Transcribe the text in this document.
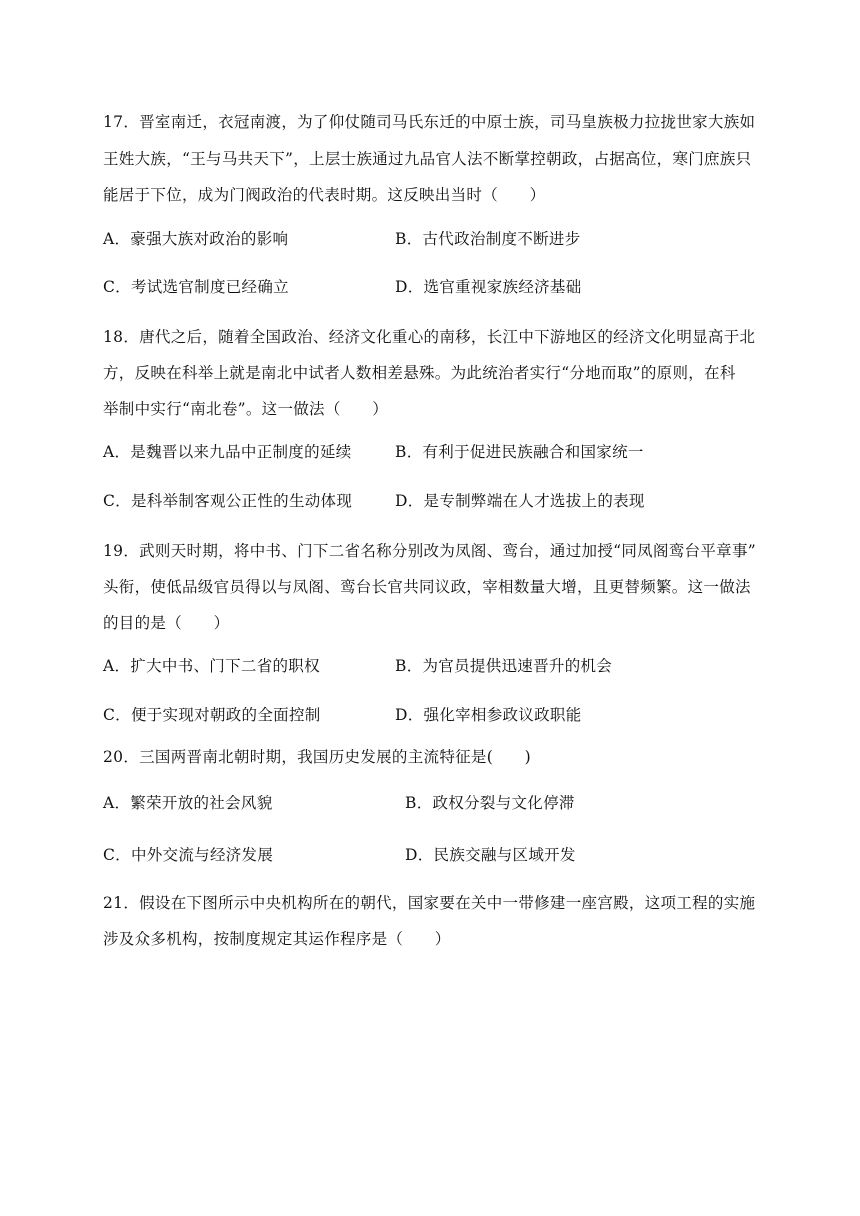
17．晋室南迁，衣冠南渡，为了仰仗随司马氏东迁的中原士族，司马皇族极力拉拢世家大族如
王姓大族，“王与马共天下”，上层士族通过九品官人法不断掌控朝政，占据高位，寒门庶族只
能居于下位，成为门阀政治的代表时期。这反映出当时（　　）
A．豪强大族对政治的影响	B．古代政治制度不断进步
C．考试选官制度已经确立	D．选官重视家族经济基础
18．唐代之后，随着全国政治、经济文化重心的南移，长江中下游地区的经济文化明显高于北
方，反映在科举上就是南北中试者人数相差悬殊。为此统治者实行“分地而取”的原则，在科
举制中实行“南北卷”。这一做法（　　）
A．是魏晋以来九品中正制度的延续	B．有利于促进民族融合和国家统一
C．是科举制客观公正性的生动体现	D．是专制弊端在人才选拔上的表现
19．武则天时期，将中书、门下二省名称分别改为凤阁、鸾台，通过加授“同凤阁鸾台平章事”
头衔，使低品级官员得以与凤阁、鸾台长官共同议政，宰相数量大增，且更替频繁。这一做法
的目的是（　　）
A．扩大中书、门下二省的职权	B．为官员提供迅速晋升的机会
C．便于实现对朝政的全面控制	D．强化宰相参政议政职能
20．三国两晋南北朝时期，我国历史发展的主流特征是(　　)
A．繁荣开放的社会风貌	B．政权分裂与文化停滞
C．中外交流与经济发展	D．民族交融与区域开发
21．假设在下图所示中央机构所在的朝代，国家要在关中一带修建一座宫殿，这项工程的实施
涉及众多机构，按制度规定其运作程序是（　　）
